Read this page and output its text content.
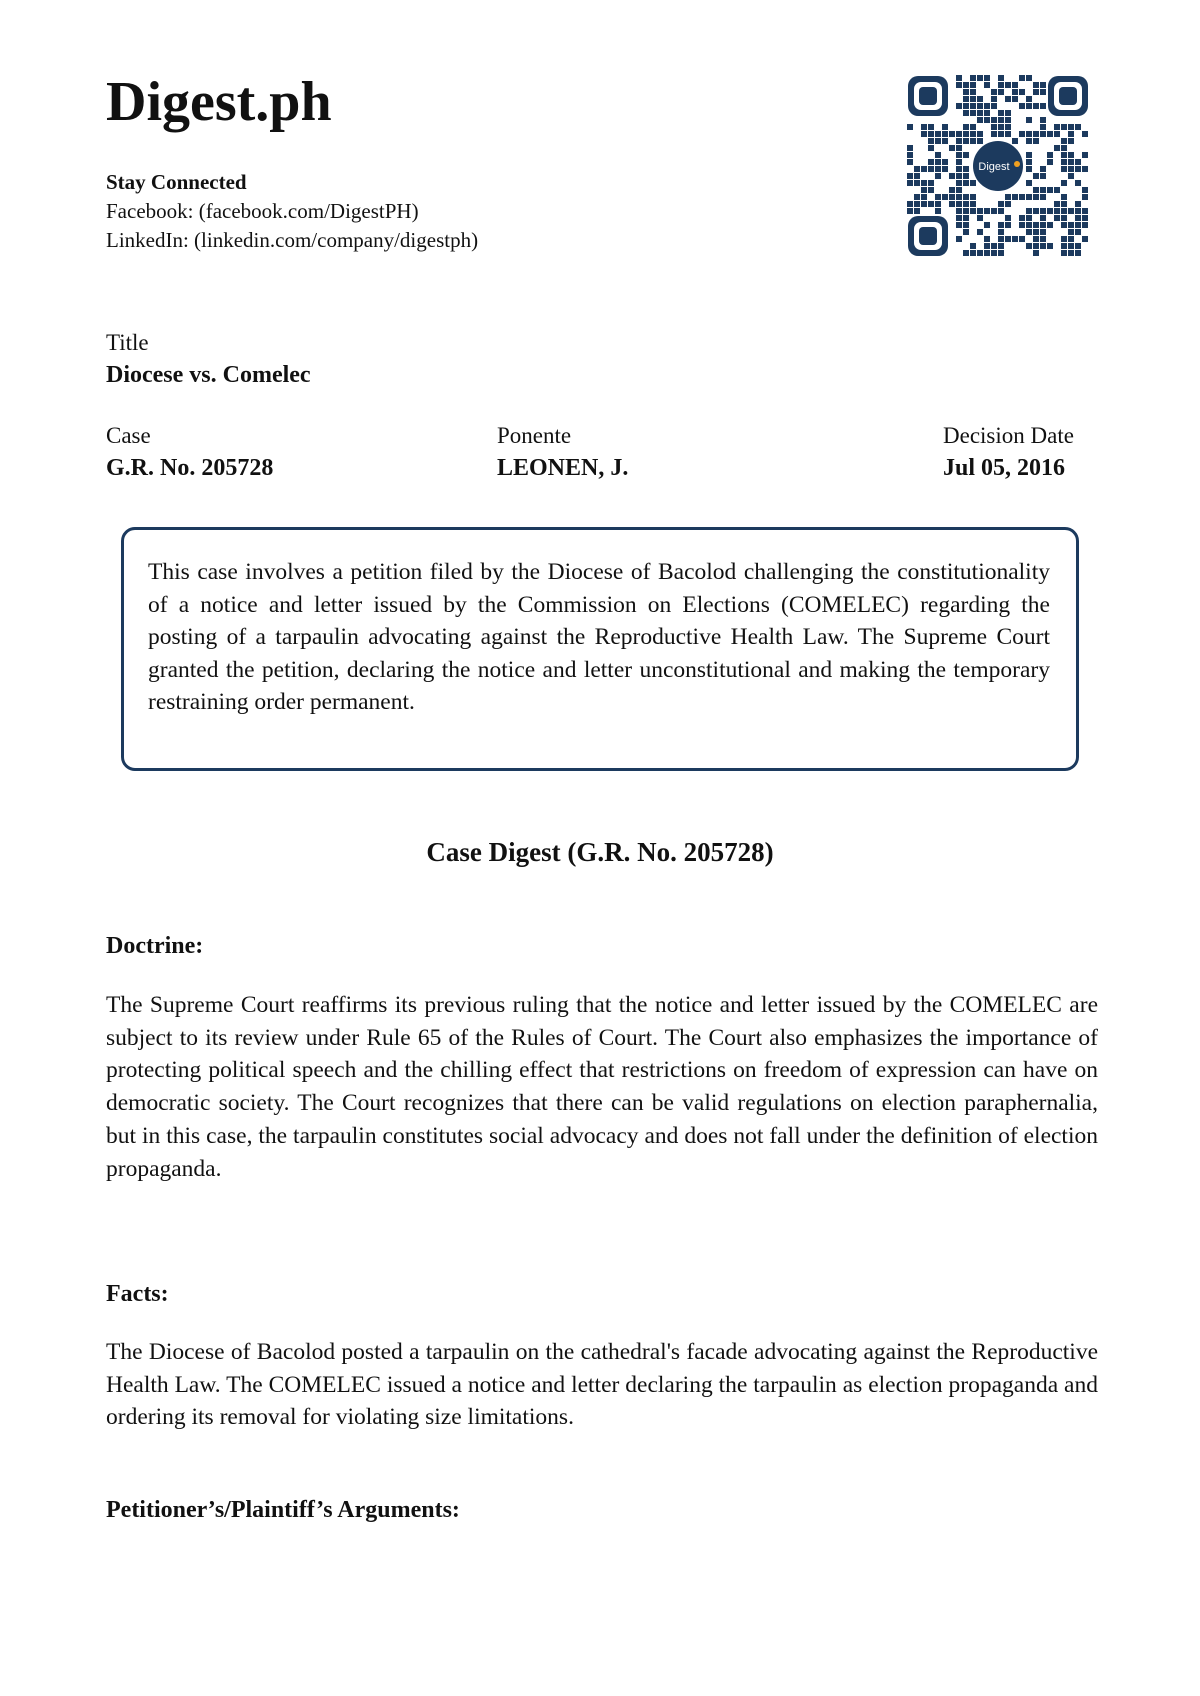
Digest.ph
Stay Connected
Facebook: (facebook.com/DigestPH)
LinkedIn: (linkedin.com/company/digestph)
Digest
Title
Diocese vs. Comelec
Case
G.R. No. 205728
Ponente
LEONEN, J.
Decision Date
Jul 05, 2016

This case involves a petition filed by the Diocese of Bacolod challenging the constitutionality of a notice and letter issued by the Commission on Elections (COMELEC) regarding the posting of a tarpaulin advocating against the Reproductive Health Law. The Supreme Court granted the petition, declaring the notice and letter unconstitutional and making the temporary restraining order permanent.

Case Digest (G.R. No. 205728)
Doctrine:

The Supreme Court reaffirms its previous ruling that the notice and letter issued by the COMELEC are subject to its review under Rule 65 of the Rules of Court. The Court also emphasizes the importance of protecting political speech and the chilling effect that restrictions on freedom of expression can have on democratic society. The Court recognizes that there can be valid regulations on election paraphernalia, but in this case, the tarpaulin constitutes social advocacy and does not fall under the definition of election propaganda.

Facts:

The Diocese of Bacolod posted a tarpaulin on the cathedral's facade advocating against the Reproductive Health Law. The COMELEC issued a notice and letter declaring the tarpaulin as election propaganda and ordering its removal for violating size limitations.

Petitioner’s/Plaintiff’s Arguments:
